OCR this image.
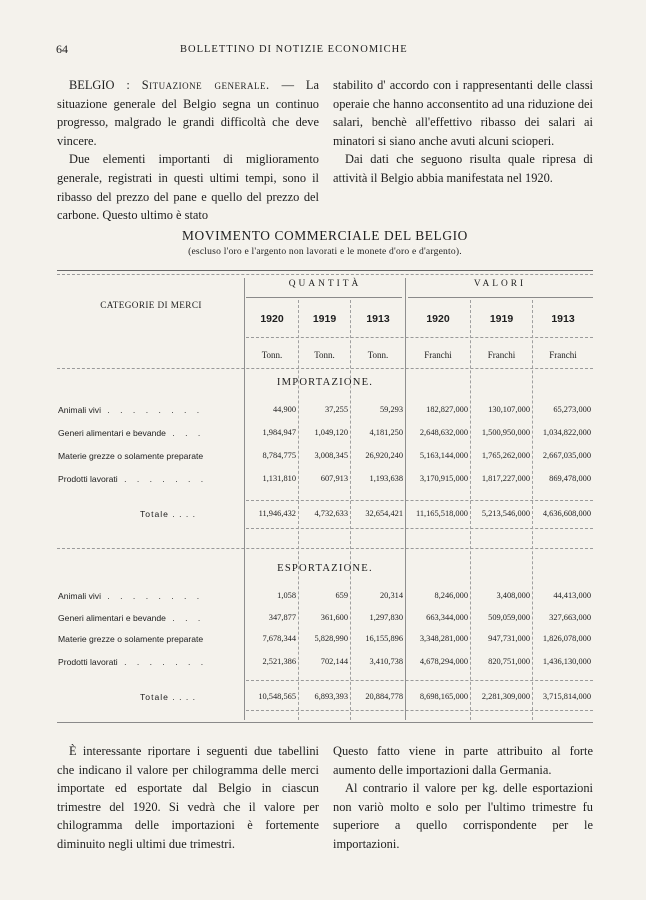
64	BOLLETTINO DI NOTIZIE ECONOMICHE

BELGIO : Situazione generale. — La situazione generale del Belgio segna un continuo progresso, malgrado le grandi difficoltà che deve vincere.

Due elementi importanti di miglioramento generale, registrati in questi ultimi tempi, sono il ribasso del prezzo del pane e quello del prezzo del carbone. Questo ultimo è stato

stabilito d' accordo con i rappresentanti delle classi operaie che hanno acconsentito ad una riduzione dei salari, benchè all'effettivo ribasso dei salari ai minatori si siano anche avuti alcuni scioperi.

Dai dati che seguono risulta quale ripresa di attività il Belgio abbia manifestata nel 1920.

MOVIMENTO COMMERCIALE DEL BELGIO
(escluso l'oro e l'argento non lavorati e le monete d'oro e d'argento).
CATEGORIE DI MERCI
QUANTITÀ	VALORI
1920	1919	1913	1920	1919	1913
Tonn.	Tonn.	Tonn.	Franchi	Franchi	Franchi
IMPORTAZIONE.
ESPORTAZIONE.
Animali vivi . . . . . . . .	44,900	37,255	59,293	182,827,000	130,107,000	65,273,000
Generi alimentari e bevande . . .	1,984,947	1,049,120	4,181,250	2,648,632,000	1,500,950,000	1,034,822,000
Materie grezze o solamente preparate	8,784,775	3,008,345	26,920,240	5,163,144,000	1,765,262,000	2,667,035,000
Prodotti lavorati . . . . . . .	1,131,810	607,913	1,193,638	3,170,915,000	1,817,227,000	869,478,000
Totale . . . .	11,946,432	4,732,633	32,654,421	11,165,518,000	5,213,546,000	4,636,608,000
Animali vivi . . . . . . . .	1,058	659	20,314	8,246,000	3,408,000	44,413,000
Generi alimentari e bevande . . .	347,877	361,600	1,297,830	663,344,000	509,059,000	327,663,000
Materie grezze o solamente preparate	7,678,344	5,828,990	16,155,896	3,348,281,000	947,731,000	1,826,078,000
Prodotti lavorati . . . . . . .	2,521,386	702,144	3,410,738	4,678,294,000	820,751,000	1,436,130,000
Totale . . . .	10,548,565	6,893,393	20,884,778	8,698,165,000	2,281,309,000	3,715,814,000

È interessante riportare i seguenti due tabellini che indicano il valore per chilogramma delle merci importate ed esportate dal Belgio in ciascun trimestre del 1920. Si vedrà che il valore per chilogramma delle importazioni è fortemente diminuito negli ultimi due trimestri.

Questo fatto viene in parte attribuito al forte aumento delle importazioni dalla Germania.

Al contrario il valore per kg. delle esportazioni non variò molto e solo per l'ultimo trimestre fu superiore a quello corrispondente per le importazioni.
